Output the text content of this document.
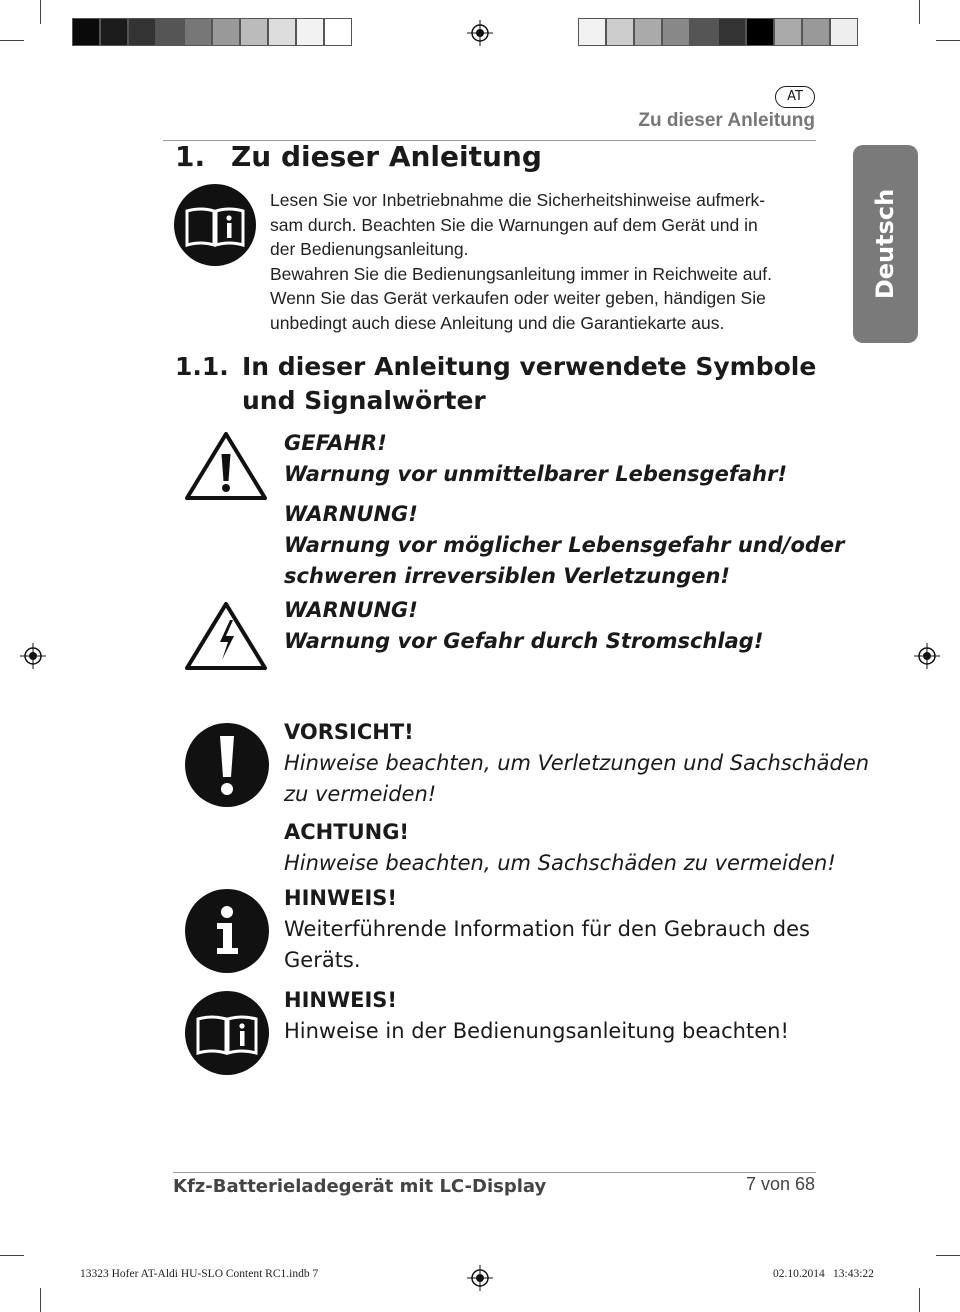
AT
Zu dieser Anleitung
Deutsch
1. Zu dieser Anleitung
Lesen Sie vor Inbetriebnahme die Sicherheitshinweise aufmerk-
sam durch. Beachten Sie die Warnungen auf dem Gerät und in
der Bedienungsanleitung.
Bewahren Sie die Bedienungsanleitung immer in Reichweite auf.
Wenn Sie das Gerät verkaufen oder weiter geben, händigen Sie
unbedingt auch diese Anleitung und die Garantiekarte aus.
1.1. In dieser Anleitung verwendete Symbole
und Signalwörter
GEFAHR!
Warnung vor unmittelbarer Lebensgefahr!
WARNUNG!
Warnung vor möglicher Lebensgefahr und/oder
schweren irreversiblen Verletzungen!
WARNUNG!
Warnung vor Gefahr durch Stromschlag!
VORSICHT!
Hinweise beachten, um Verletzungen und Sachschäden
zu vermeiden!
ACHTUNG!
Hinweise beachten, um Sachschäden zu vermeiden!
HINWEIS!
Weiterführende Information für den Gebrauch des
Geräts.
HINWEIS!
Hinweise in der Bedienungsanleitung beachten!
Kfz-Batterieladegerät mit LC-Display	7 von 68
13323 Hofer AT-Aldi HU-SLO Content RC1.indb 7	02.10.2014 13:43:22
